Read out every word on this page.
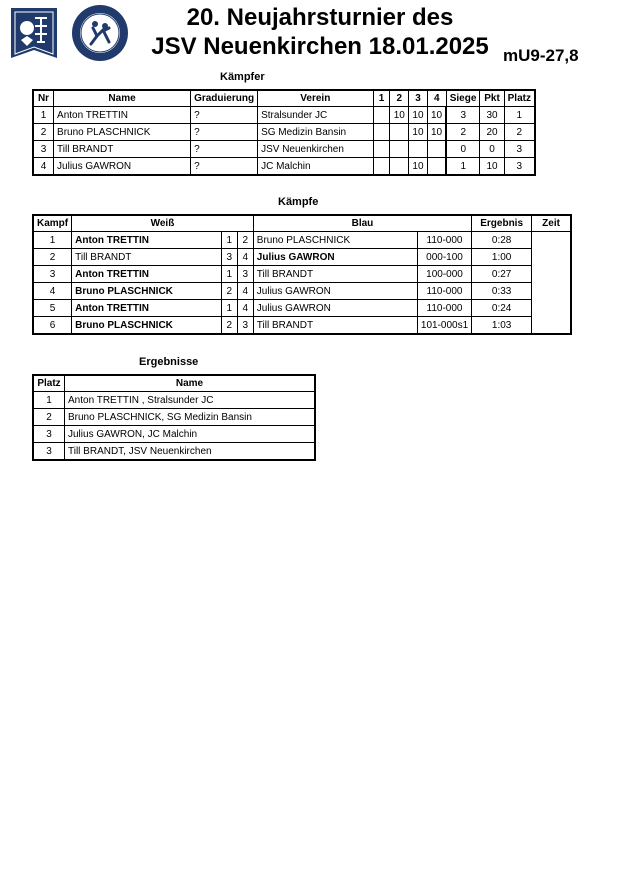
20. Neujahrsturnier des
JSV Neuenkirchen 18.01.2025 mU9-27,8
Kämpfer
Nr	Name	Graduierung	Verein	1	2	3	4	Siege	Pkt	Platz
1	Anton TRETTIN	?	Stralsunder JC		10	10	10	3	30	1
2	Bruno PLASCHNICK	?	SG Medizin Bansin			10	10	2	20	2
3	Till BRANDT	?	JSV Neuenkirchen					0	0	3
4	Julius GAWRON	?	JC Malchin			10		1	10	3
Kämpfe
Kampf	Weiß			Blau		Ergebnis	Zeit
1	Anton TRETTIN	1	2	Bruno PLASCHNICK	110-000	0:28	
2	Till BRANDT	3	4	Julius GAWRON	000-100	1:00	
3	Anton TRETTIN	1	3	Till BRANDT	100-000	0:27	
4	Bruno PLASCHNICK	2	4	Julius GAWRON	110-000	0:33	
5	Anton TRETTIN	1	4	Julius GAWRON	110-000	0:24	
6	Bruno PLASCHNICK	2	3	Till BRANDT	101-000s1	1:03	
Ergebnisse
Platz	Name
1	Anton TRETTIN , Stralsunder JC
2	Bruno PLASCHNICK, SG Medizin Bansin
3	Julius GAWRON, JC Malchin
3	Till BRANDT, JSV Neuenkirchen
